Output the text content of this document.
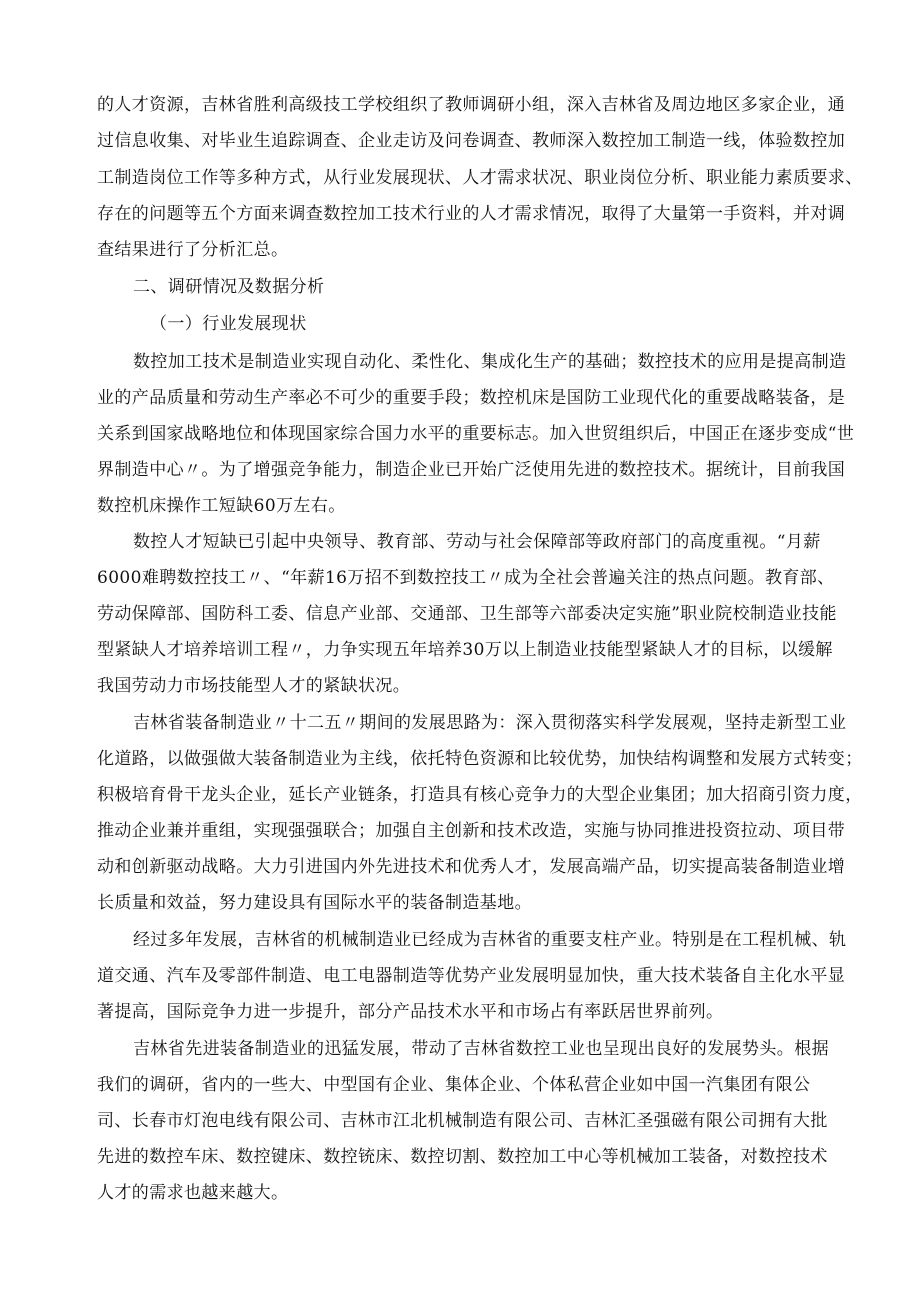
的人才资源，吉林省胜利高级技工学校组织了教师调研小组，深入吉林省及周边地区多家企业，通
过信息收集、对毕业生追踪调查、企业走访及问卷调查、教师深入数控加工制造一线，体验数控加
工制造岗位工作等多种方式，从行业发展现状、人才需求状况、职业岗位分析、职业能力素质要求、
存在的问题等五个方面来调查数控加工技术行业的人才需求情况，取得了大量第一手资料，并对调
查结果进行了分析汇总。
二、调研情况及数据分析
（一）行业发展现状
数控加工技术是制造业实现自动化、柔性化、集成化生产的基础；数控技术的应用是提高制造
业的产品质量和劳动生产率必不可少的重要手段；数控机床是国防工业现代化的重要战略装备，是
关系到国家战略地位和体现国家综合国力水平的重要标志。加入世贸组织后，中国正在逐步变成“世
界制造中心〃。为了增强竞争能力，制造企业已开始广泛使用先进的数控技术。据统计，目前我国
数控机床操作工短缺60万左右。
数控人才短缺已引起中央领导、教育部、劳动与社会保障部等政府部门的高度重视。“月薪
6000难聘数控技工〃、“年薪16万招不到数控技工〃成为全社会普遍关注的热点问题。教育部、
劳动保障部、国防科工委、信息产业部、交通部、卫生部等六部委决定实施”职业院校制造业技能
型紧缺人才培养培训工程〃，力争实现五年培养30万以上制造业技能型紧缺人才的目标，以缓解
我国劳动力市场技能型人才的紧缺状况。
吉林省装备制造业〃十二五〃期间的发展思路为：深入贯彻落实科学发展观，坚持走新型工业
化道路，以做强做大装备制造业为主线，依托特色资源和比较优势，加快结构调整和发展方式转变；
积极培育骨干龙头企业，延长产业链条，打造具有核心竞争力的大型企业集团；加大招商引资力度，
推动企业兼并重组，实现强强联合；加强自主创新和技术改造，实施与协同推进投资拉动、项目带
动和创新驱动战略。大力引进国内外先进技术和优秀人才，发展高端产品，切实提高装备制造业增
长质量和效益，努力建设具有国际水平的装备制造基地。
经过多年发展，吉林省的机械制造业已经成为吉林省的重要支柱产业。特别是在工程机械、轨
道交通、汽车及零部件制造、电工电器制造等优势产业发展明显加快，重大技术装备自主化水平显
著提高，国际竞争力进一步提升，部分产品技术水平和市场占有率跃居世界前列。
吉林省先进装备制造业的迅猛发展，带动了吉林省数控工业也呈现出良好的发展势头。根据
我们的调研，省内的一些大、中型国有企业、集体企业、个体私营企业如中国一汽集团有限公
司、长春市灯泡电线有限公司、吉林市江北机械制造有限公司、吉林汇圣强磁有限公司拥有大批
先进的数控车床、数控键床、数控铳床、数控切割、数控加工中心等机械加工装备，对数控技术
人才的需求也越来越大。
